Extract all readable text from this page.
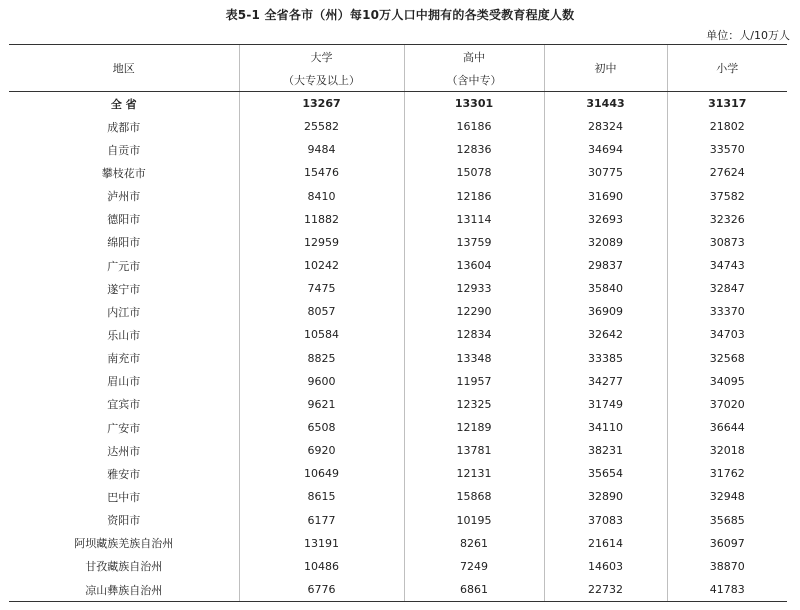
表5-1 全省各市（州）每10万人口中拥有的各类受教育程度人数
单位：人/10万人
地区	大学	高中	初中	小学
	（大专及以上）	（含中专）		
全 省	13267	13301	31443	31317
成都市	25582	16186	28324	21802
自贡市	9484	12836	34694	33570
攀枝花市	15476	15078	30775	27624
泸州市	8410	12186	31690	37582
德阳市	11882	13114	32693	32326
绵阳市	12959	13759	32089	30873
广元市	10242	13604	29837	34743
遂宁市	7475	12933	35840	32847
内江市	8057	12290	36909	33370
乐山市	10584	12834	32642	34703
南充市	8825	13348	33385	32568
眉山市	9600	11957	34277	34095
宜宾市	9621	12325	31749	37020
广安市	6508	12189	34110	36644
达州市	6920	13781	38231	32018
雅安市	10649	12131	35654	31762
巴中市	8615	15868	32890	32948
资阳市	6177	10195	37083	35685
阿坝藏族羌族自治州	13191	8261	21614	36097
甘孜藏族自治州	10486	7249	14603	38870
凉山彝族自治州	6776	6861	22732	41783
